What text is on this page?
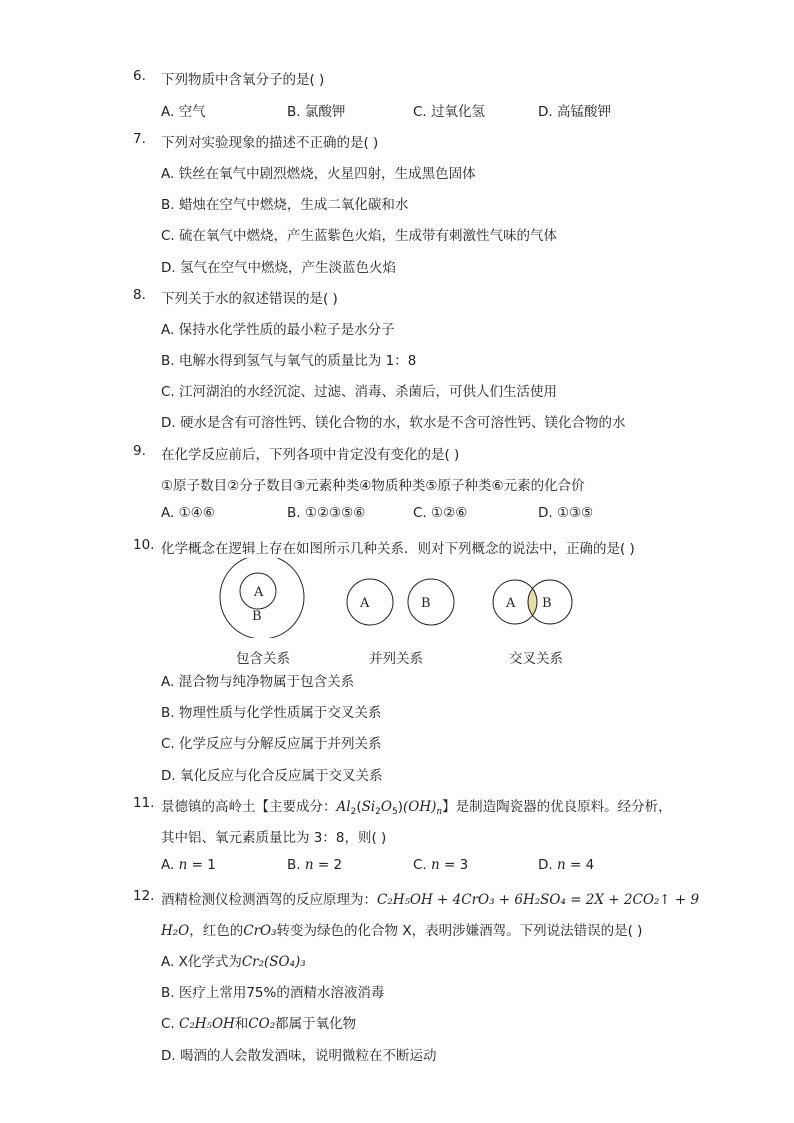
6. 下列物质中含氧分子的是( )
A. 空气	B. 氯酸钾	C. 过氧化氢	D. 高锰酸钾
7. 下列对实验现象的描述不正确的是( )
A. 铁丝在氧气中剧烈燃烧，火星四射，生成黑色固体
B. 蜡烛在空气中燃烧，生成二氧化碳和水
C. 硫在氧气中燃烧，产生蓝紫色火焰，生成带有刺激性气味的气体
D. 氢气在空气中燃烧，产生淡蓝色火焰
8. 下列关于水的叙述错误的是( )
A. 保持水化学性质的最小粒子是水分子
B. 电解水得到氢气与氧气的质量比为 1：8
C. 江河湖泊的水经沉淀、过滤、消毒、杀菌后，可供人们生活使用
D. 硬水是含有可溶性钙、镁化合物的水，软水是不含可溶性钙、镁化合物的水
9. 在化学反应前后，下列各项中肯定没有变化的是( )
①原子数目②分子数目③元素种类④物质种类⑤原子种类⑥元素的化合价
A. ①④⑥	B. ①②③⑤⑥	C. ①②⑥	D. ①③⑤
10. 化学概念在逻辑上存在如图所示几种关系．则对下列概念的说法中，正确的是( )
A
B
A	B	A B
包含关系	并列关系	交叉关系
A. 混合物与纯净物属于包含关系
B. 物理性质与化学性质属于交叉关系
C. 化学反应与分解反应属于并列关系
D. 氧化反应与化合反应属于交叉关系
11. 景德镇的高岭土【主要成分：$Al_2(Si_2O_5)(OH)_n$】是制造陶瓷器的优良原料。经分析，
其中铝、氧元素质量比为 3：8，则( )
A. n = 1	B. n = 2	C. n = 3	D. n = 4
12. 酒精检测仪检测酒驾的反应原理为：C₂H₅OH + 4CrO₃ + 6H₂SO₄ = 2X + 2CO₂↑ + 9
H₂O，红色的CrO₃转变为绿色的化合物 X，表明涉嫌酒驾。下列说法错误的是( )
A. X化学式为Cr₂(SO₄)₃
B. 医疗上常用75%的酒精水溶液消毒
C. C₂H₅OH和CO₂都属于氧化物
D. 喝酒的人会散发酒味，说明微粒在不断运动
